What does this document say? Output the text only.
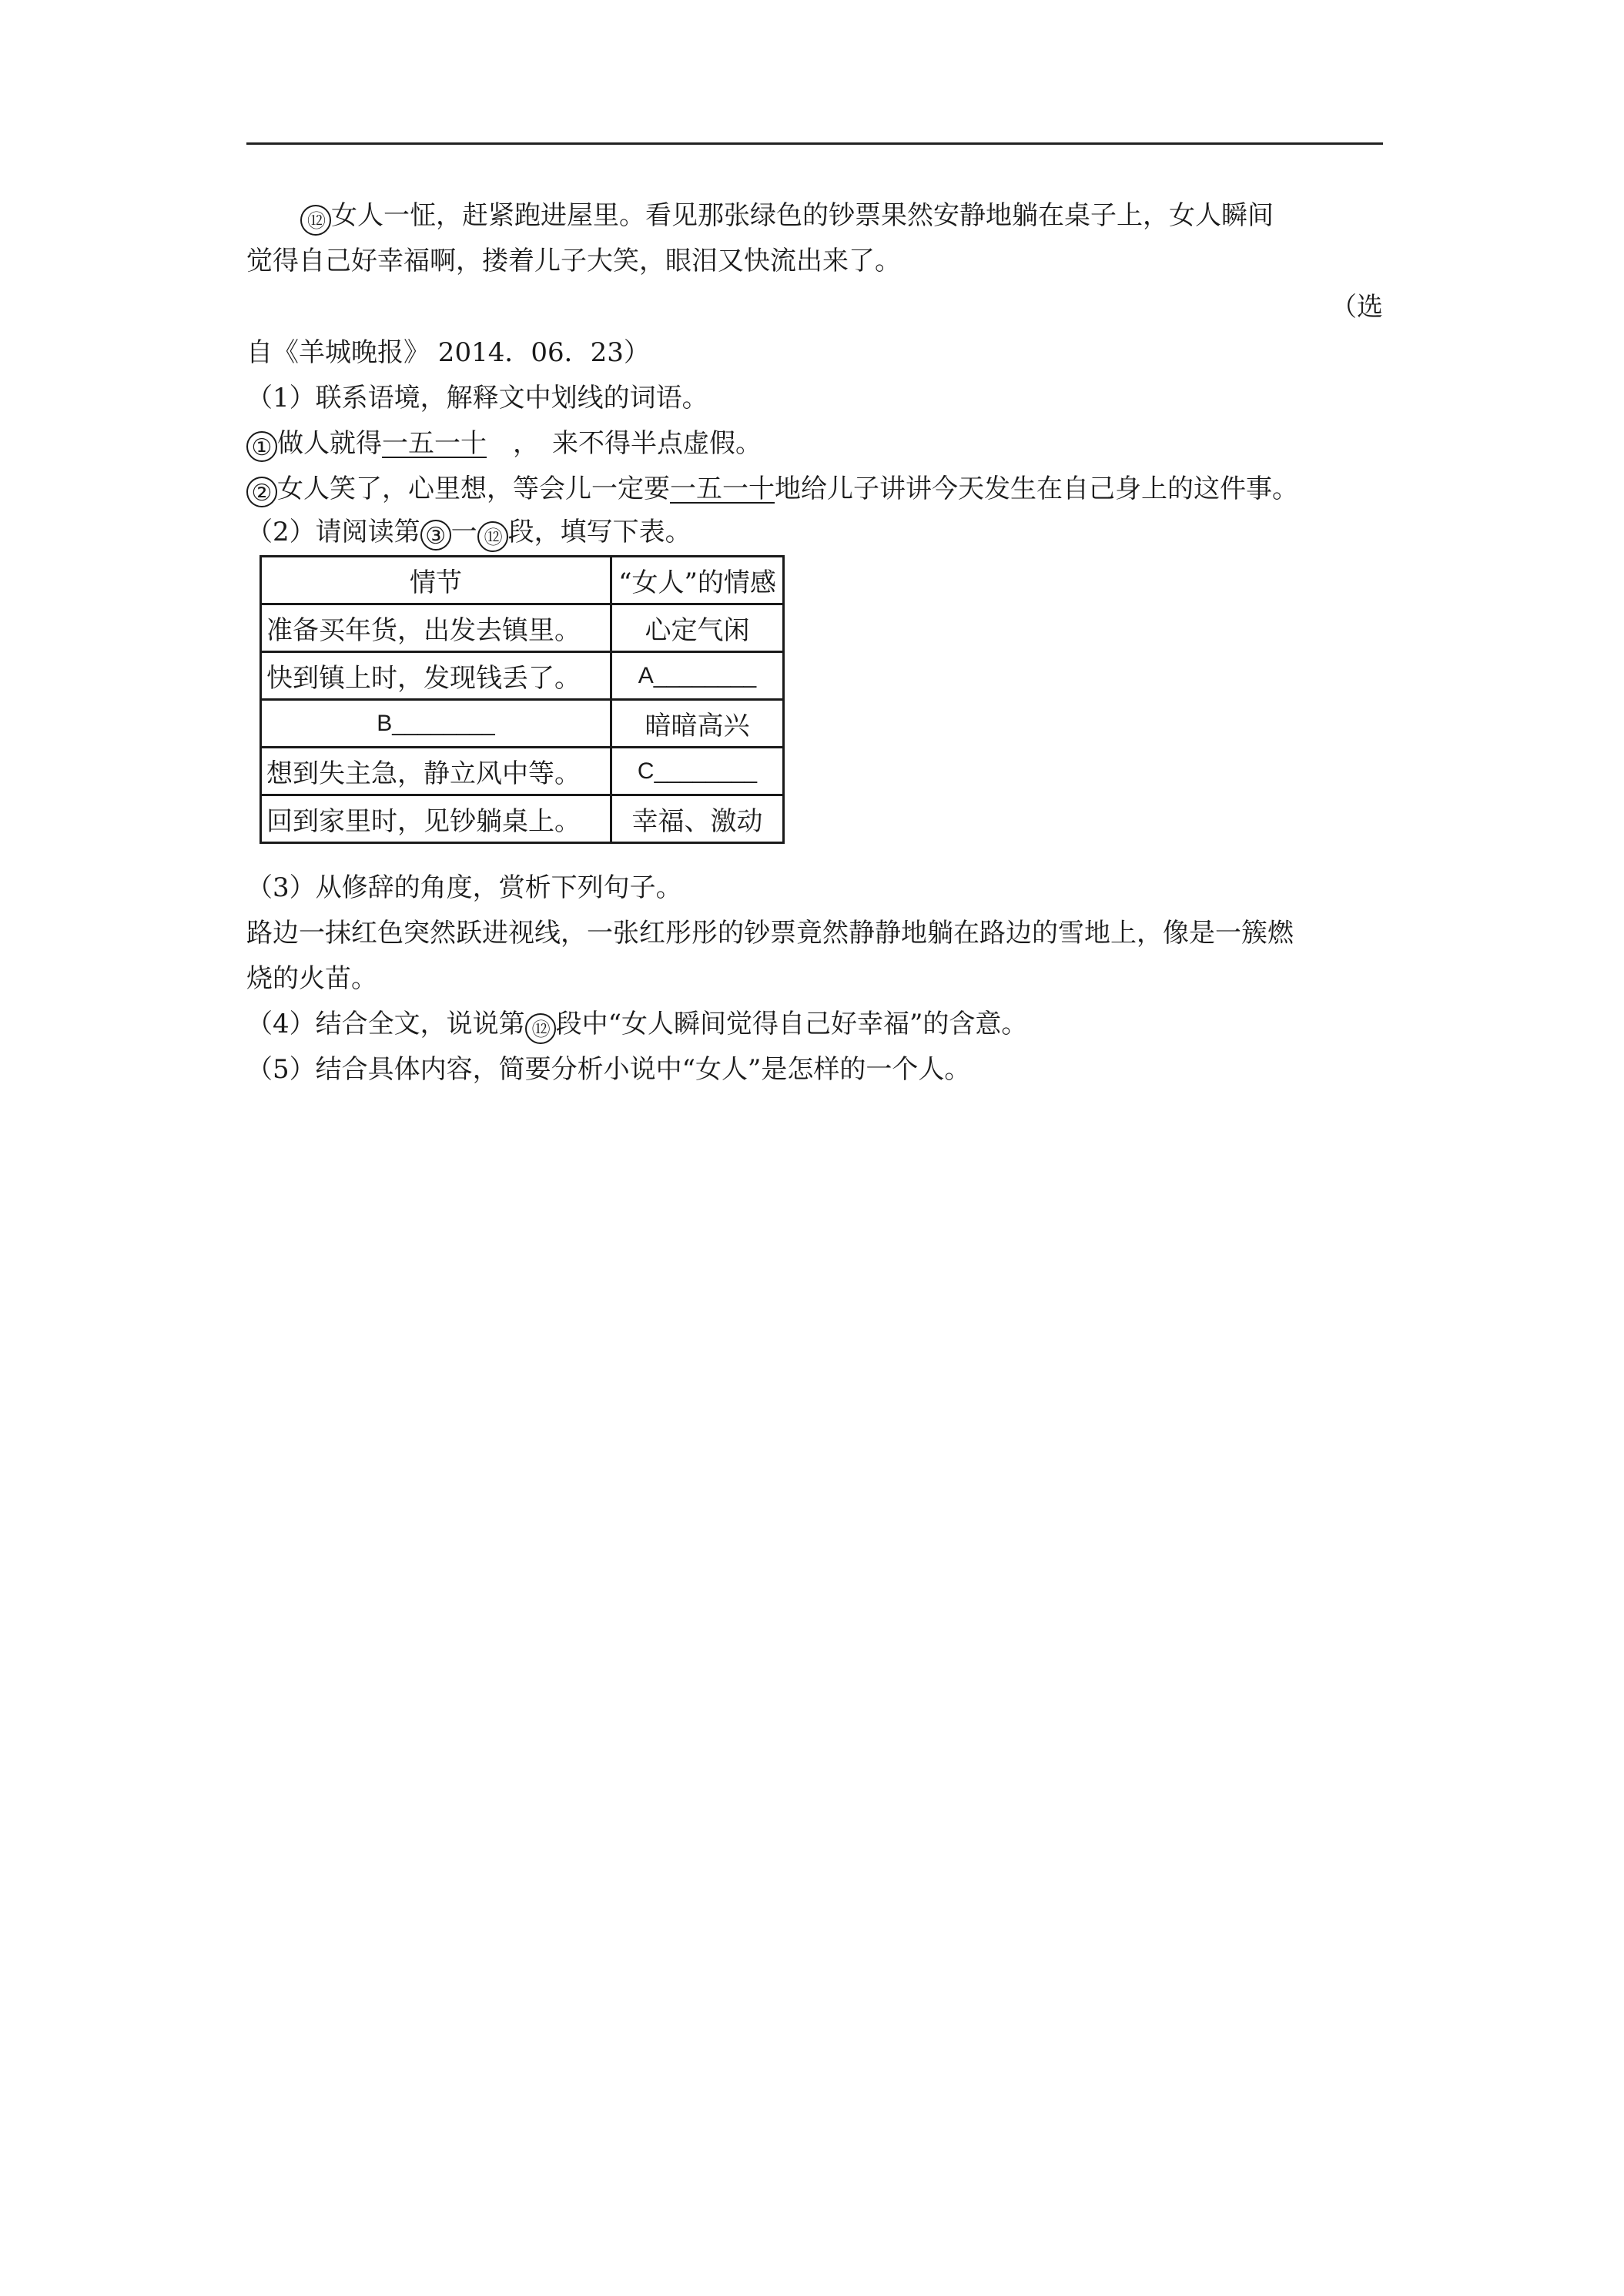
⑫ 女人一怔，赶紧跑进屋里。看见那张绿色的钞票果然安静地躺在桌子上，女人瞬间
觉得自己好幸福啊，搂着儿子大笑，眼泪又快流出来了。
（选
自《羊城晚报》 2014．06．23）
（1）联系语境，解释文中划线的词语。
① 做人就得一五一十　，　来不得半点虚假。
② 女人笑了，心里想，等会儿一定要一五一十地给儿子讲讲今天发生在自己身上的这件事。
（2）请阅读第 ③ 一 ⑫ 段，填写下表。
情节	“女人”的情感
准备买年货，出发去镇里。	心定气闲
快到镇上时，发现钱丢了。	A________
B________	暗暗高兴
想到失主急，静立风中等。	C________
回到家里时，见钞躺桌上。	幸福、激动
（3）从修辞的角度，赏析下列句子。
路边一抹红色突然跃进视线，一张红彤彤的钞票竟然静静地躺在路边的雪地上，像是一簇燃
烧的火苗。
（4）结合全文，说说第 ⑫ 段中“女人瞬间觉得自己好幸福”的含意。
（5）结合具体内容，简要分析小说中“女人”是怎样的一个人。
